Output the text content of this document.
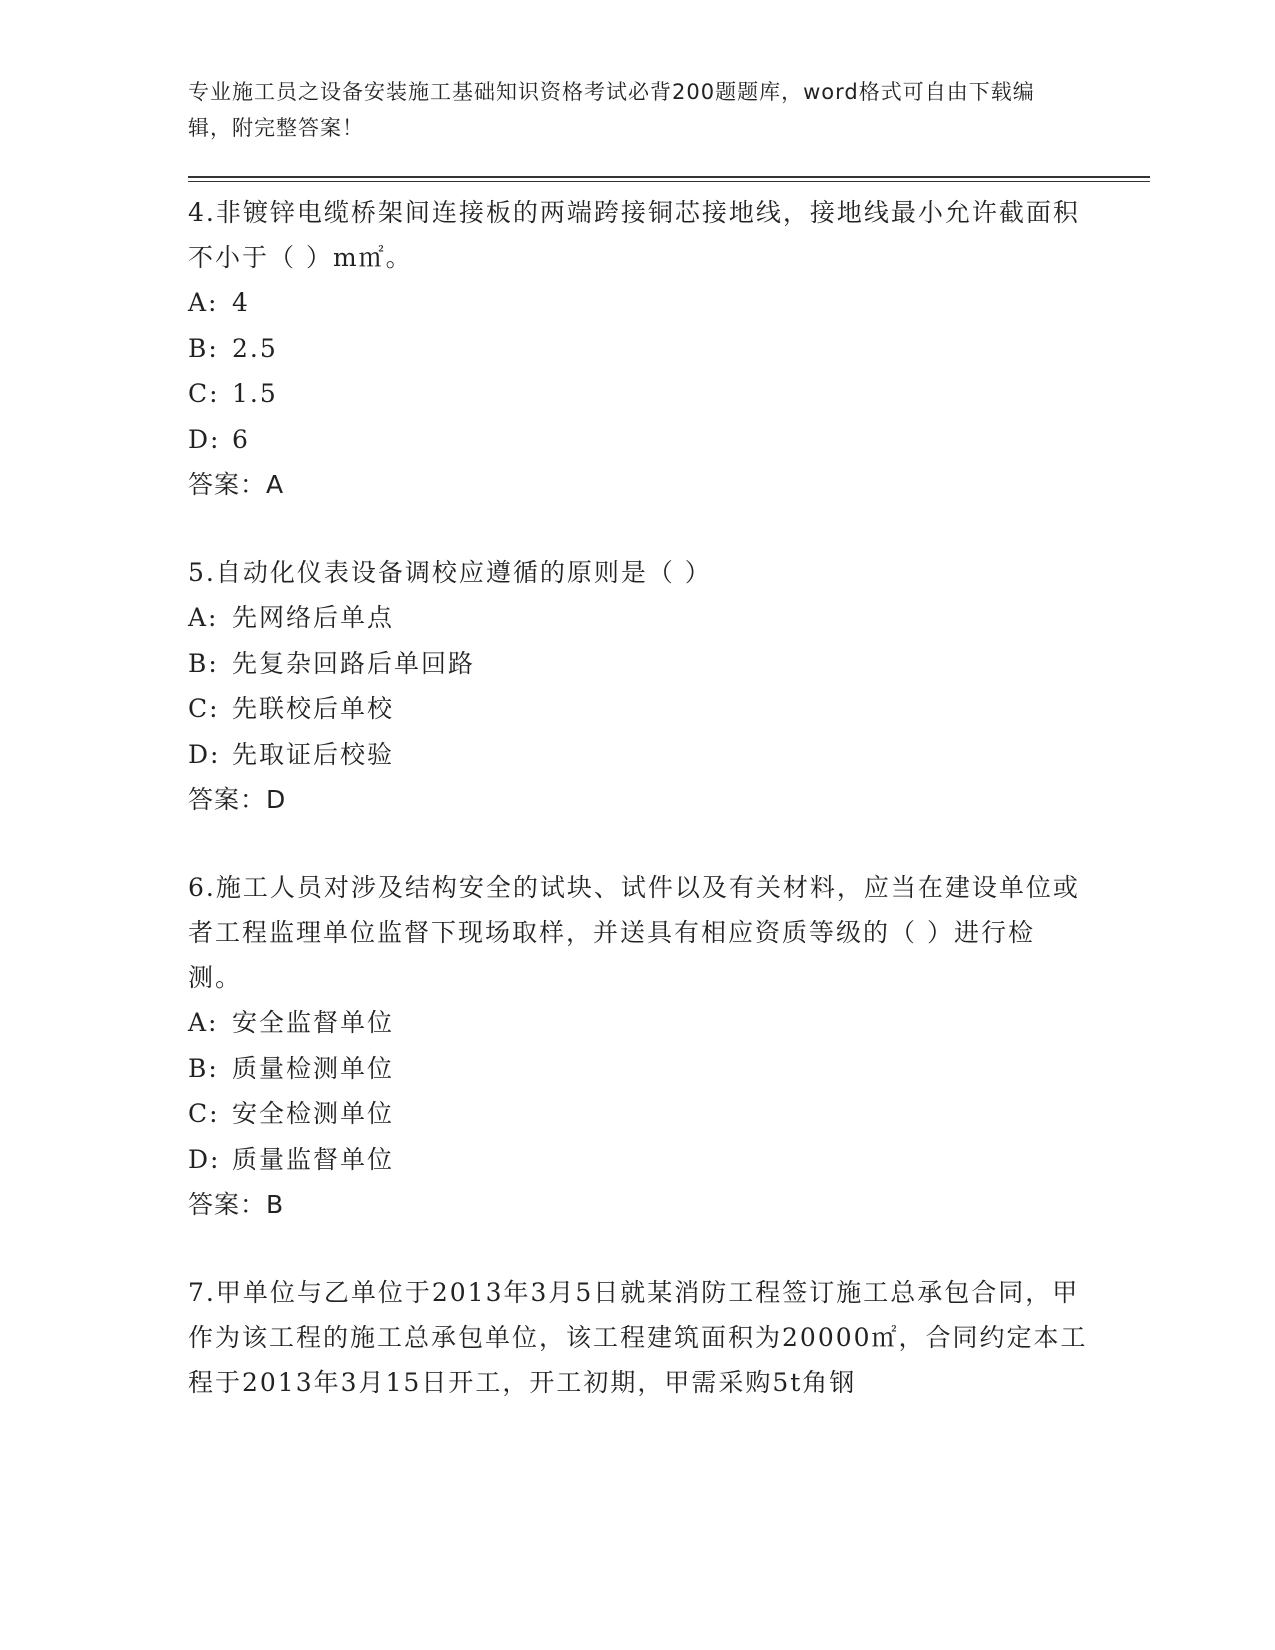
专业施工员之设备安装施工基础知识资格考试必背200题题库，word格式可自由下载编辑，附完整答案！

4.非镀锌电缆桥架间连接板的两端跨接铜芯接地线，接地线最小允许截面积不小于（ ）m㎡。

A: 4
B: 2.5
C: 1.5
D: 6
答案：A

5.自动化仪表设备调校应遵循的原则是（ ）

A: 先网络后单点
B: 先复杂回路后单回路
C: 先联校后单校
D: 先取证后校验
答案：D

6.施工人员对涉及结构安全的试块、试件以及有关材料，应当在建设单位或者工程监理单位监督下现场取样，并送具有相应资质等级的（ ）进行检测。

A: 安全监督单位
B: 质量检测单位
C: 安全检测单位
D: 质量监督单位
答案：B

7.甲单位与乙单位于2013年3月5日就某消防工程签订施工总承包合同，甲作为该工程的施工总承包单位，该工程建筑面积为20000㎡，合同约定本工程于2013年3月15日开工，开工初期，甲需采购5t角钢
